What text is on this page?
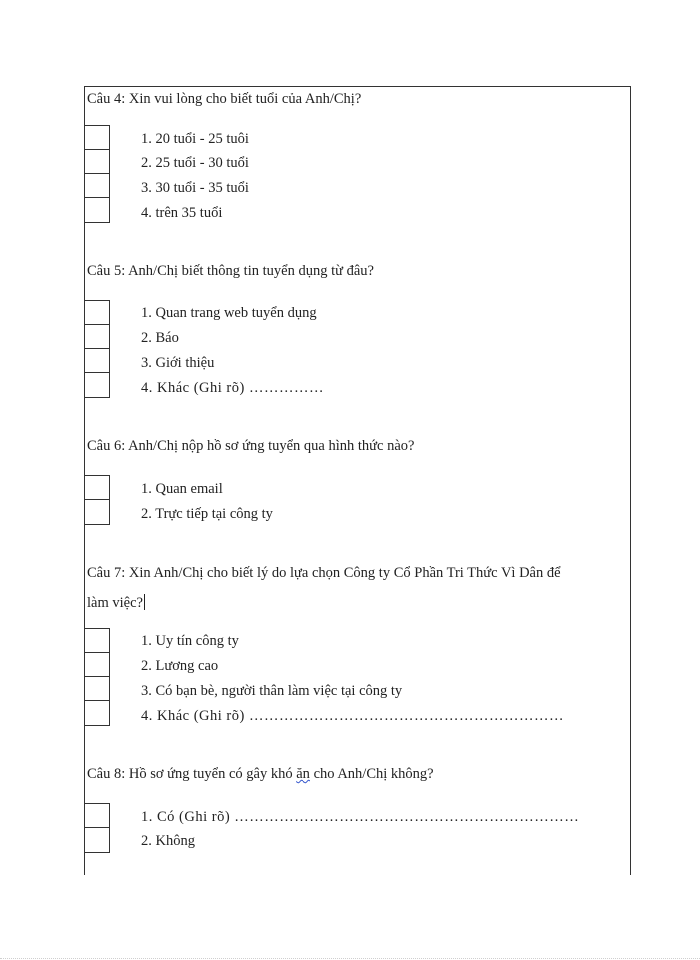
Câu 4: Xin vui lòng cho biết tuổi của Anh/Chị?
1. 20 tuổi - 25 tuôi
2. 25 tuổi - 30 tuổi
3. 30 tuổi - 35 tuổi
4. trên 35 tuổi
Câu 5: Anh/Chị biết thông tin tuyển dụng từ đâu?
1. Quan trang web tuyển dụng
2. Báo
3. Giới thiệu
4. Khác (Ghi rõ) ……………
Câu 6: Anh/Chị nộp hồ sơ ứng tuyển qua hình thức nào?
1. Quan email
2. Trực tiếp tại công ty
Câu 7: Xin Anh/Chị cho biết lý do lựa chọn Công ty Cổ Phần Tri Thức Vì Dân để
làm việc?
1. Uy tín công ty
2. Lương cao
3. Có bạn bè, người thân làm việc tại công ty
4. Khác (Ghi rõ) ………………………………………………………
Câu 8: Hồ sơ ứng tuyển có gây khó ăn cho Anh/Chị không?
1. Có (Ghi rõ) ……………………………………………………………
2. Không
